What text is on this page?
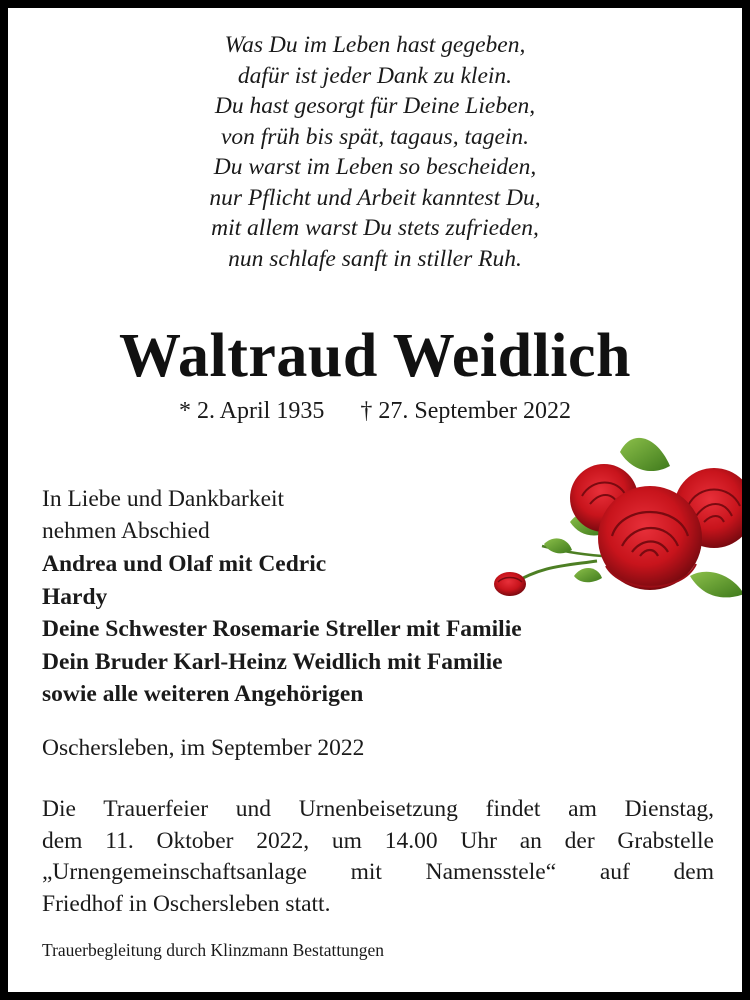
Was Du im Leben hast gegeben,
dafür ist jeder Dank zu klein.
Du hast gesorgt für Deine Lieben,
von früh bis spät, tagaus, tagein.
Du warst im Leben so bescheiden,
nur Pflicht und Arbeit kanntest Du,
mit allem warst Du stets zufrieden,
nun schlafe sanft in stiller Ruh.
Waltraud Weidlich
* 2. April 1935 † 27. September 2022
In Liebe und Dankbarkeit
nehmen Abschied
Andrea und Olaf mit Cedric
Hardy
Deine Schwester Rosemarie Streller mit Familie
Dein Bruder Karl-Heinz Weidlich mit Familie
sowie alle weiteren Angehörigen
Oschersleben, im September 2022
Die Trauerfeier und Urnenbeisetzung findet am Dienstag,
dem 11. Oktober 2022, um 14.00 Uhr an der Grabstelle
„Urnengemeinschaftsanlage mit Namensstele“ auf dem
Friedhof in Oschersleben statt.
Trauerbegleitung durch Klinzmann Bestattungen
